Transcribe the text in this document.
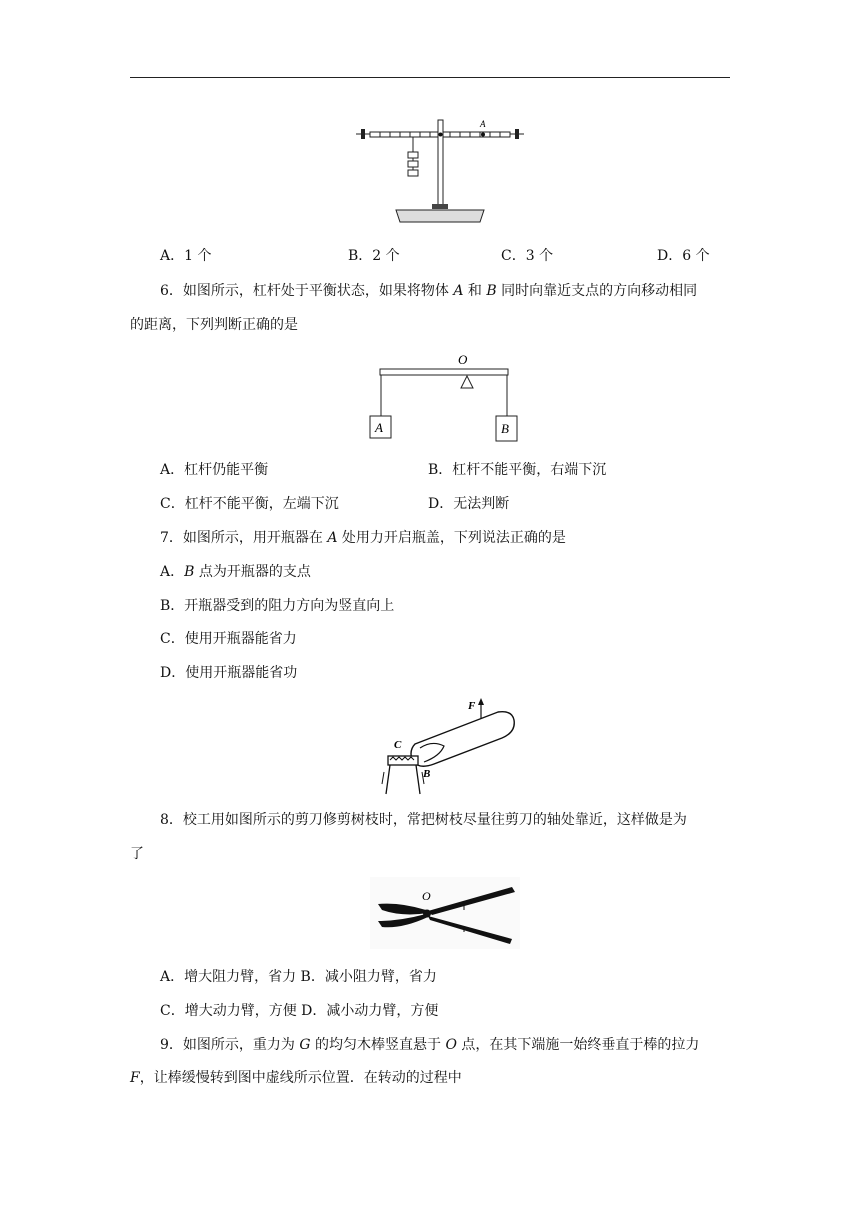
A
A．1 个	B．2 个	C．3 个	D．6 个
6．如图所示，杠杆处于平衡状态，如果将物体 A 和 B 同时向靠近支点的方向移动相同
的距离，下列判断正确的是
O
A	B
A．杠杆仍能平衡	B．杠杆不能平衡，右端下沉
C．杠杆不能平衡，左端下沉	D．无法判断
7．如图所示，用开瓶器在 A 处用力开启瓶盖，下列说法正确的是
A．B 点为开瓶器的支点
B．开瓶器受到的阻力方向为竖直向上
C．使用开瓶器能省力
D．使用开瓶器能省功
F
C
B
8．校工用如图所示的剪刀修剪树枝时，常把树枝尽量往剪刀的轴处靠近，这样做是为
了
O
A．增大阻力臂，省力 B．减小阻力臂，省力
C．增大动力臂，方便 D．减小动力臂，方便
9．如图所示，重力为 G 的均匀木棒竖直悬于 O 点，在其下端施一始终垂直于棒的拉力
F，让棒缓慢转到图中虚线所示位置．在转动的过程中
